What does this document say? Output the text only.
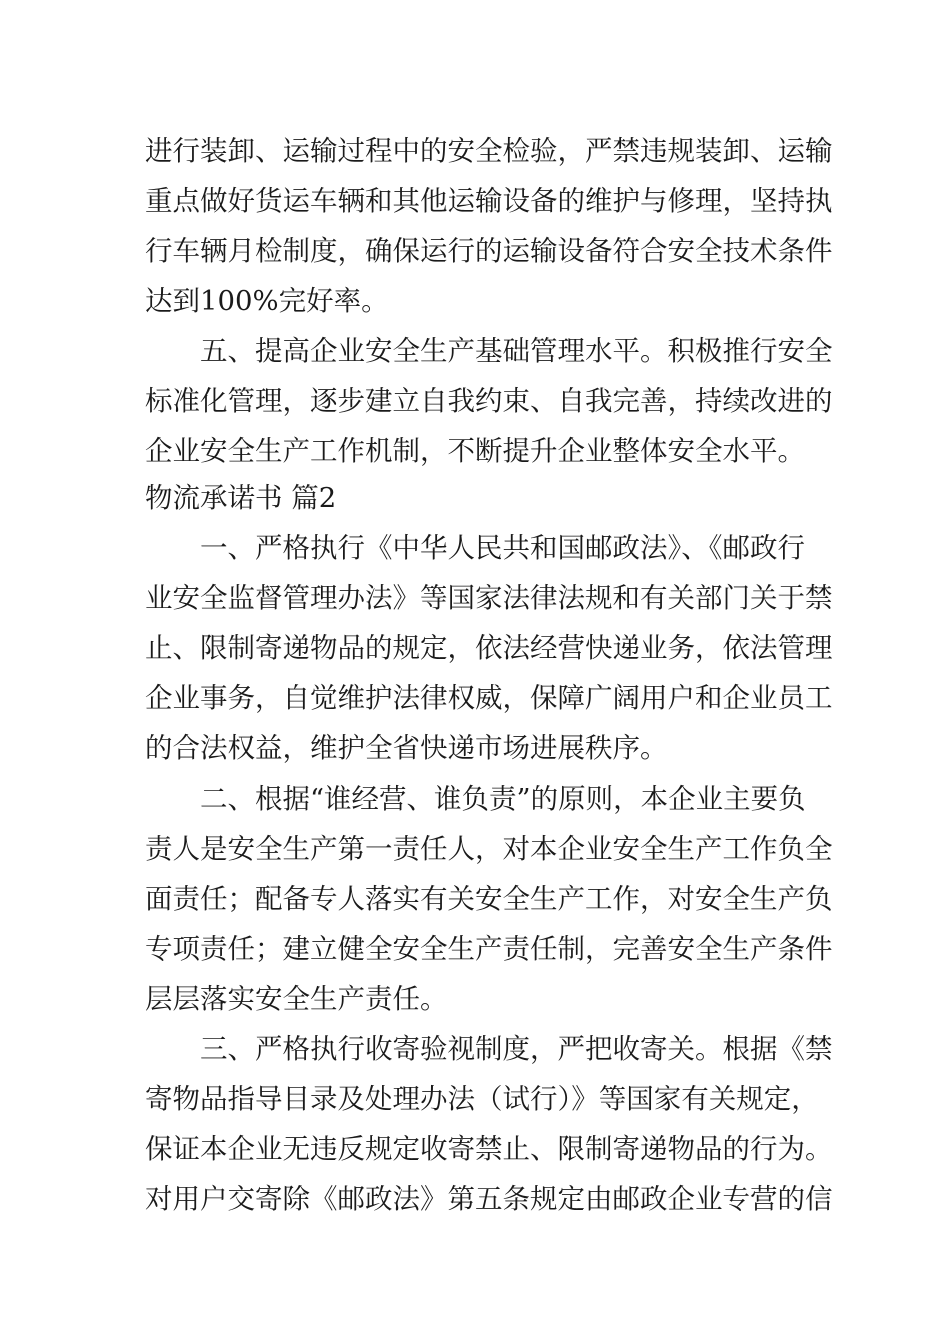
进行装卸、运输过程中的安全检验，严禁违规装卸、运输
重点做好货运车辆和其他运输设备的维护与修理，坚持执
行车辆月检制度，确保运行的运输设备符合安全技术条件
达到100%完好率。
五、提高企业安全生产基础管理水平。积极推行安全
标准化管理，逐步建立自我约束、自我完善，持续改进的
企业安全生产工作机制，不断提升企业整体安全水平。
物流承诺书 篇2
一、严格执行《中华人民共和国邮政法》、《邮政行
业安全监督管理办法》等国家法律法规和有关部门关于禁
止、限制寄递物品的规定，依法经营快递业务，依法管理
企业事务，自觉维护法律权威，保障广阔用户和企业员工
的合法权益，维护全省快递市场进展秩序。
二、根据“谁经营、谁负责”的原则，本企业主要负
责人是安全生产第一责任人，对本企业安全生产工作负全
面责任；配备专人落实有关安全生产工作，对安全生产负
专项责任；建立健全安全生产责任制，完善安全生产条件
层层落实安全生产责任。
三、严格执行收寄验视制度，严把收寄关。根据《禁
寄物品指导目录及处理办法（试行）》等国家有关规定，
保证本企业无违反规定收寄禁止、限制寄递物品的行为。
对用户交寄除《邮政法》第五条规定由邮政企业专营的信
